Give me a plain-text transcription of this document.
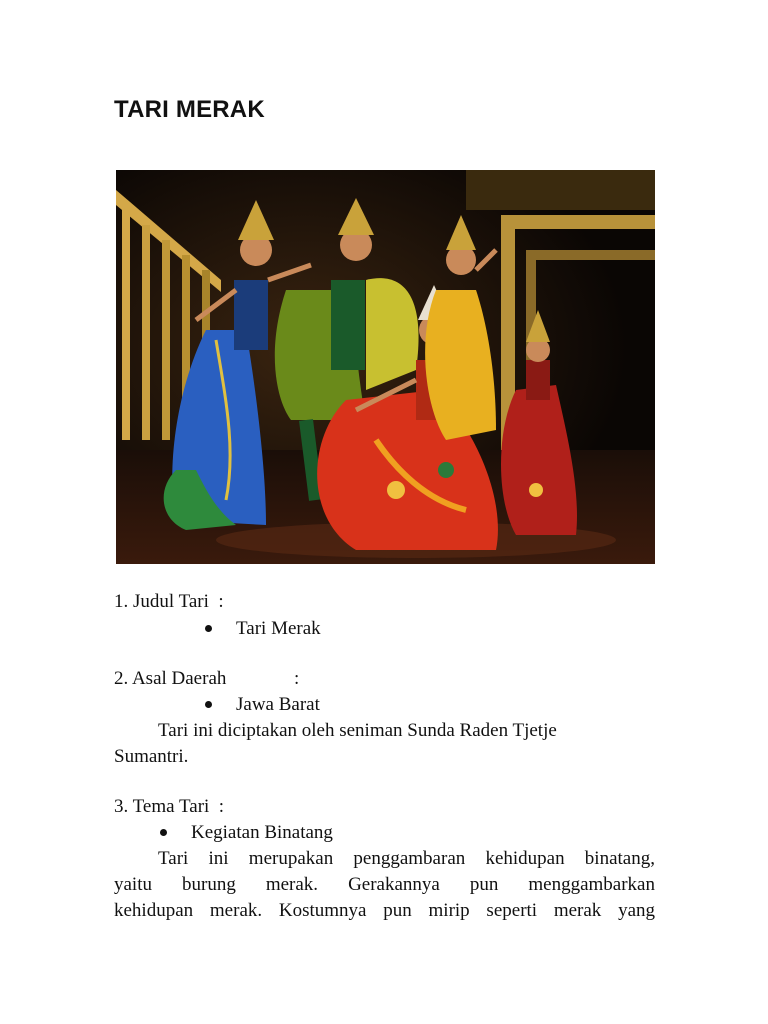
TARI MERAK
1. Judul Tari  :
Tari Merak
2. Asal Daerah	:
Jawa Barat
Tari ini diciptakan oleh seniman Sunda Raden Tjetje
Sumantri.
3. Tema Tari  :
Kegiatan Binatang
Tari ini merupakan penggambaran kehidupan binatang,
yaitu burung merak. Gerakannya pun menggambarkan
kehidupan merak. Kostumnya pun mirip seperti merak yang
